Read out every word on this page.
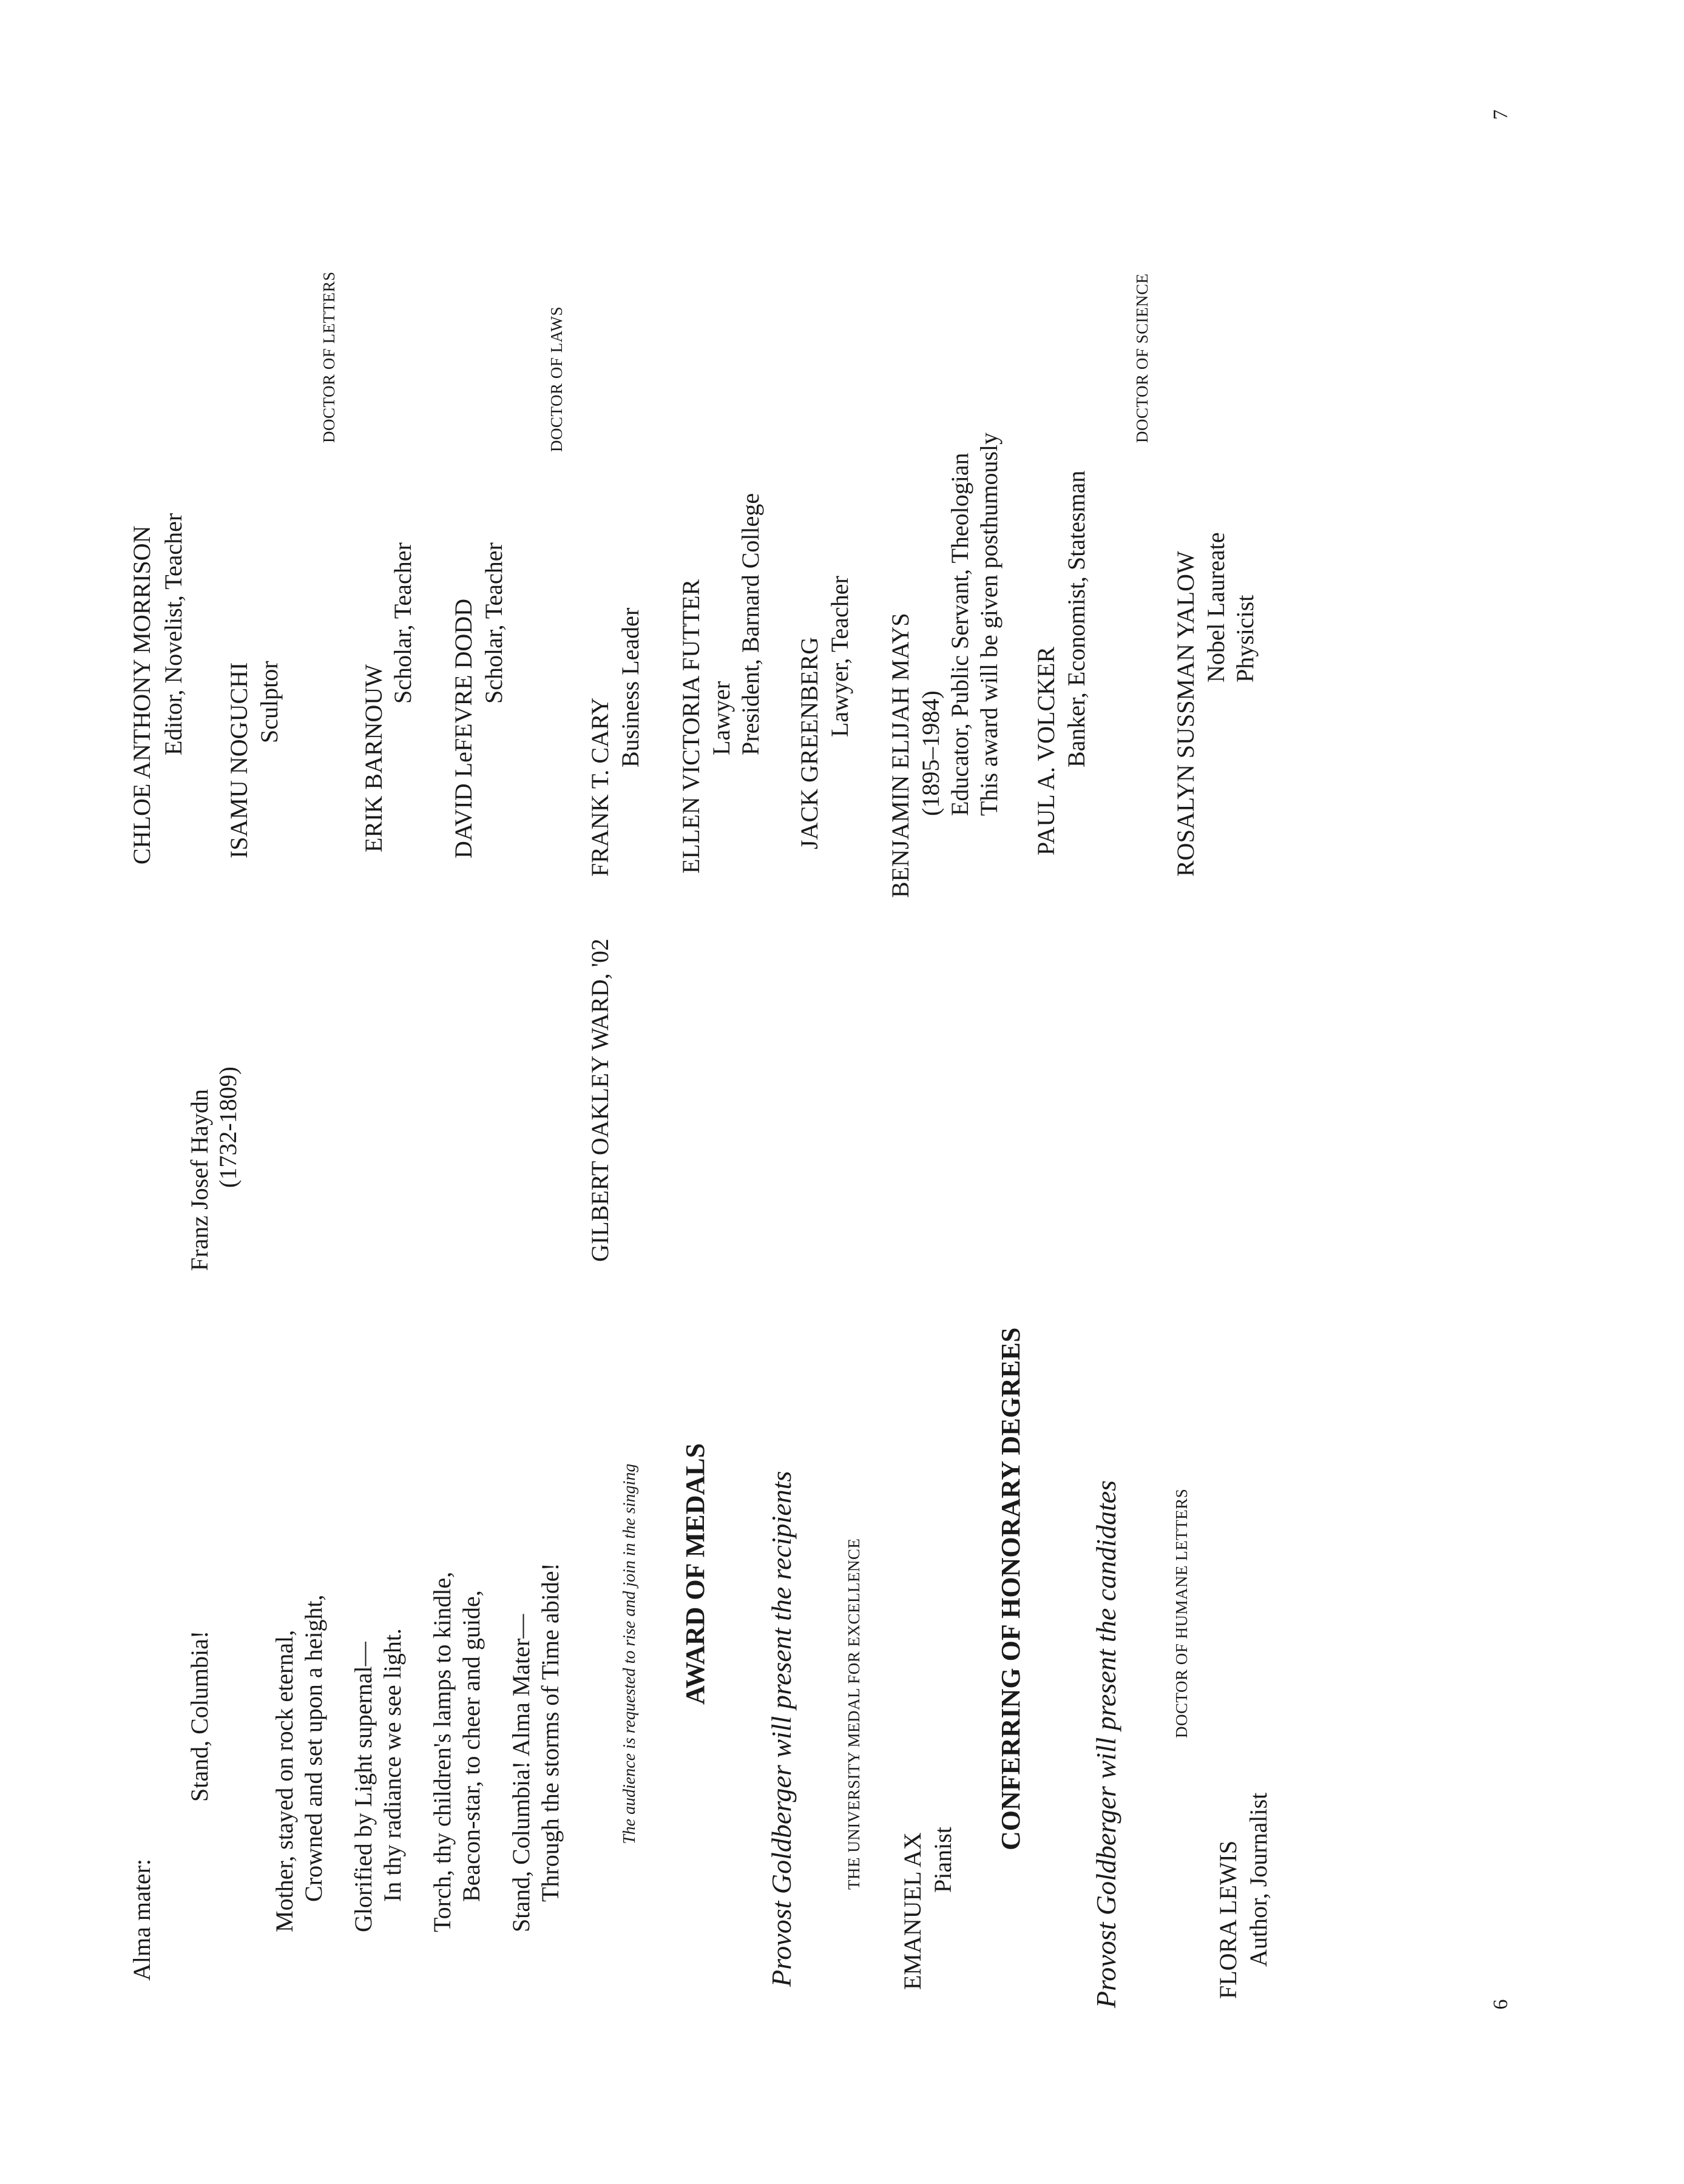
6
7
Alma mater:
Stand, Columbia!
Franz Josef Haydn (1732-1809)
Mother, stayed on rock eternal, Crowned and set upon a height, Glorified by Light supernal— In thy radiance we see light. Torch, thy children's lamps to kindle, Beacon-star, to cheer and guide, Stand, Columbia! Alma Mater— Through the storms of Time abide!
GILBERT OAKLEY WARD, '02
The audience is requested to rise and join in the singing AWARD OF MEDALS Provost Goldberger will present the recipients	THE UNIVERSITY MEDAL FOR EXCELLENCE
EMANUEL AX Pianist
CONFERRING OF HONORARY DEGREES Provost Goldberger will present the candidates	DOCTOR OF HUMANE LETTERS
FLORA LEWIS Author, Journalist
CHLOE ANTHONY MORRISON Editor, Novelist, Teacher
ISAMU NOGUCHI Sculptor
DOCTOR OF LETTERS
ERIK BARNOUW
Scholar, Teacher DAVID LeFEVRE DODD Scholar, Teacher
DOCTOR OF LAWS
FRANK T. CARY
Business Leader ELLEN VICTORIA FUTTER Lawyer President, Barnard College JACK GREENBERG Lawyer, Teacher BENJAMIN ELIJAH MAYS (1895–1984) Educator, Public Servant, Theologian This award will be given posthumously PAUL A. VOLCKER Banker, Economist, Statesman
DOCTOR OF SCIENCE
ROSALYN SUSSMAN YALOW Nobel Laureate Physicist
